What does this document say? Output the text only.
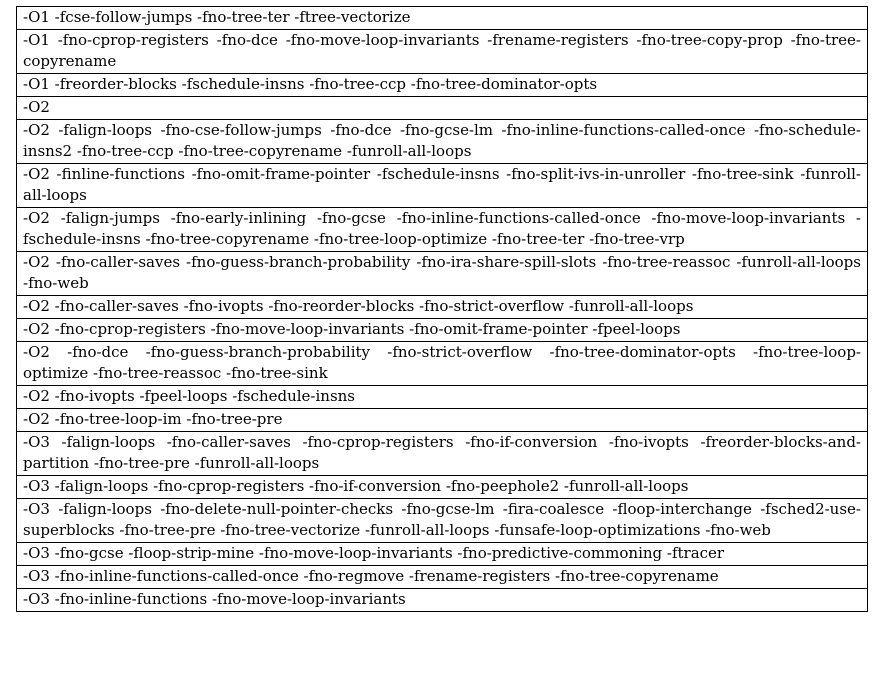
-O1 -fcse-follow-jumps -fno-tree-ter -ftree-vectorize
-O1 -fno-cprop-registers -fno-dce -fno-move-loop-invariants -frename-registers -fno-tree-copy-prop -fno-tree-copyrename
-O1 -freorder-blocks -fschedule-insns -fno-tree-ccp -fno-tree-dominator-opts
-O2
-O2 -falign-loops -fno-cse-follow-jumps -fno-dce -fno-gcse-lm -fno-inline-functions-called-once -fno-schedule-insns2 -fno-tree-ccp -fno-tree-copyrename -funroll-all-loops
-O2 -finline-functions -fno-omit-frame-pointer -fschedule-insns -fno-split-ivs-in-unroller -fno-tree-sink -funroll-all-loops
-O2 -falign-jumps -fno-early-inlining -fno-gcse -fno-inline-functions-called-once -fno-move-loop-invariants -fschedule-insns -fno-tree-copyrename -fno-tree-loop-optimize -fno-tree-ter -fno-tree-vrp
-O2 -fno-caller-saves -fno-guess-branch-probability -fno-ira-share-spill-slots -fno-tree-reassoc -funroll-all-loops -fno-web
-O2 -fno-caller-saves -fno-ivopts -fno-reorder-blocks -fno-strict-overflow -funroll-all-loops
-O2 -fno-cprop-registers -fno-move-loop-invariants -fno-omit-frame-pointer -fpeel-loops
-O2 -fno-dce -fno-guess-branch-probability -fno-strict-overflow -fno-tree-dominator-opts -fno-tree-loop-optimize -fno-tree-reassoc -fno-tree-sink
-O2 -fno-ivopts -fpeel-loops -fschedule-insns
-O2 -fno-tree-loop-im -fno-tree-pre
-O3 -falign-loops -fno-caller-saves -fno-cprop-registers -fno-if-conversion -fno-ivopts -freorder-blocks-and-partition -fno-tree-pre -funroll-all-loops
-O3 -falign-loops -fno-cprop-registers -fno-if-conversion -fno-peephole2 -funroll-all-loops
-O3 -falign-loops -fno-delete-null-pointer-checks -fno-gcse-lm -fira-coalesce -floop-interchange -fsched2-use-superblocks -fno-tree-pre -fno-tree-vectorize -funroll-all-loops -funsafe-loop-optimizations -fno-web
-O3 -fno-gcse -floop-strip-mine -fno-move-loop-invariants -fno-predictive-commoning -ftracer
-O3 -fno-inline-functions-called-once -fno-regmove -frename-registers -fno-tree-copyrename
-O3 -fno-inline-functions -fno-move-loop-invariants
